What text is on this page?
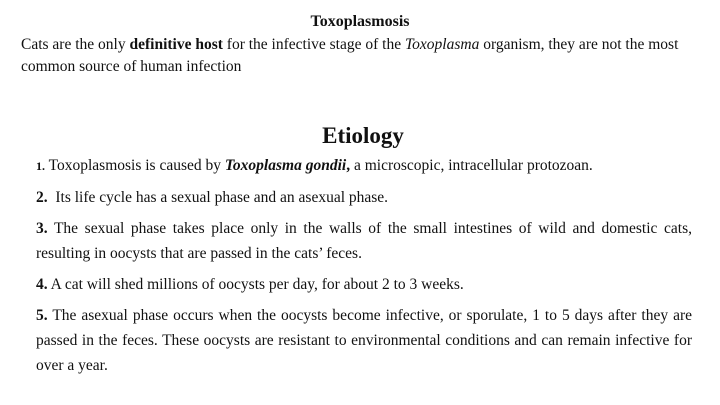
Toxoplasmosis

Cats are the only definitive host for the infective stage of the Toxoplasma organism, they are not the most common source of human infection

Etiology

1. Toxoplasmosis is caused by Toxoplasma gondii, a microscopic, intracellular protozoan.

2.  Its life cycle has a sexual phase and an asexual phase.

3. The sexual phase takes place only in the walls of the small intestines of wild and domestic cats, resulting in oocysts that are passed in the cats’ feces.

4. A cat will shed millions of oocysts per day, for about 2 to 3 weeks.

5. The asexual phase occurs when the oocysts become infective, or sporulate, 1 to 5 days after they are passed in the feces. These oocysts are resistant to environmental conditions and can remain infective for over a year.
